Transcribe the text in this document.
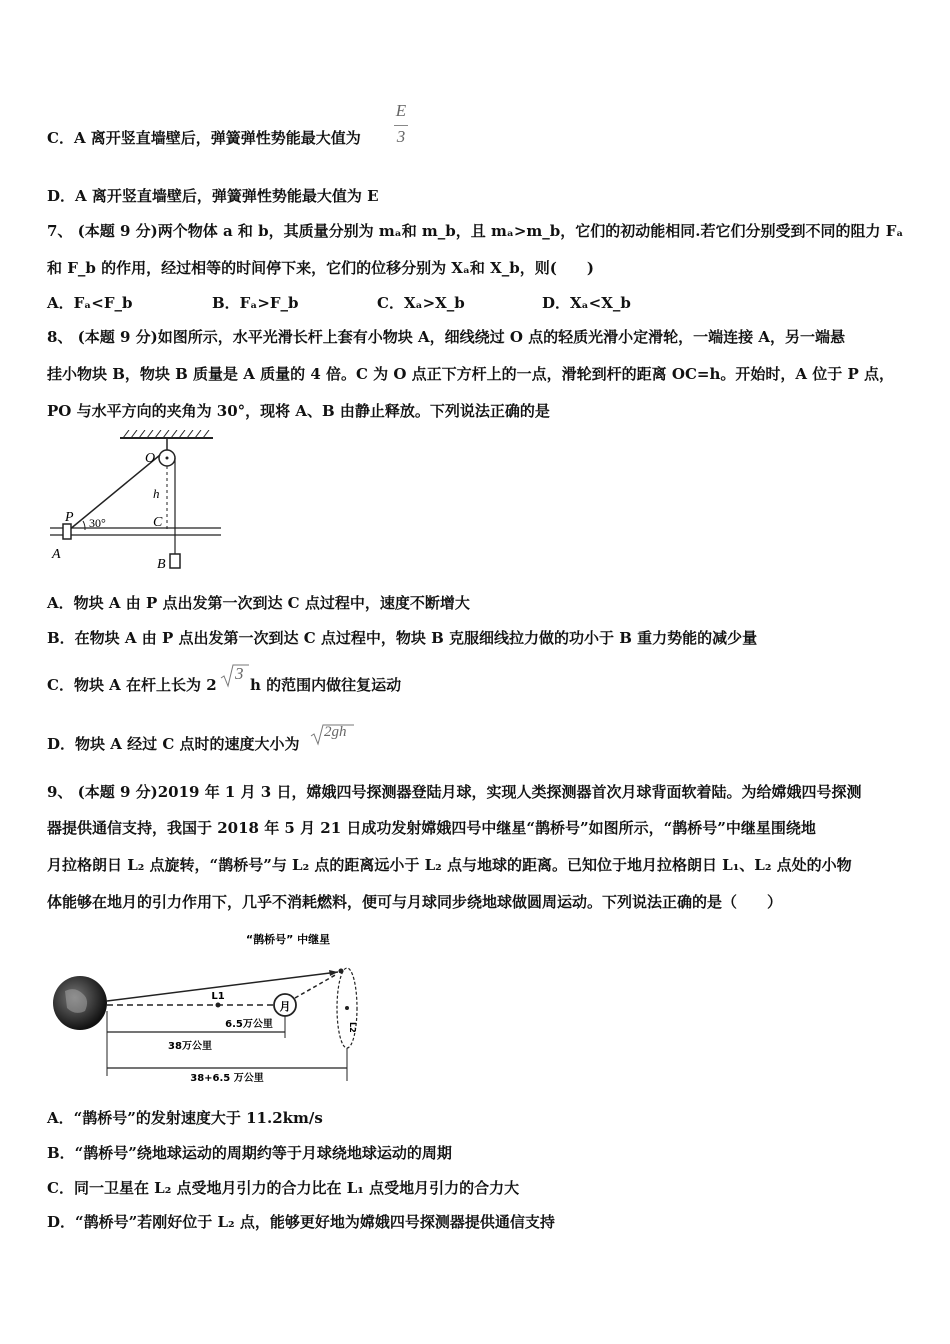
C．A 离开竖直墙壁后，弹簧弹性势能最大值为
E
3
D．A 离开竖直墙壁后，弹簧弹性势能最大值为 E
7、 (本题 9 分)两个物体 a 和 b，其质量分别为 mₐ和 m_b，且 mₐ>m_b，它们的初动能相同.若它们分别受到不同的阻力 Fₐ
和 F_b 的作用，经过相等的时间停下来，它们的位移分别为 Xₐ和 X_b，则(　　)
A．Fₐ<F_b	B．Fₐ>F_b	C．Xₐ>X_b	D．Xₐ<X_b
8、 (本题 9 分)如图所示，水平光滑长杆上套有小物块 A，细线绕过 O 点的轻质光滑小定滑轮，一端连接 A，另一端悬
挂小物块 B，物块 B 质量是 A 质量的 4 倍。C 为 O 点正下方杆上的一点，滑轮到杆的距离 OC=h。开始时，A 位于 P 点，
PO 与水平方向的夹角为 30°，现将 A、B 由静止释放。下列说法正确的是
O
h
P 30°	C
A
B
A．物块 A 由 P 点出发第一次到达 C 点过程中，速度不断增大
B．在物块 A 由 P 点出发第一次到达 C 点过程中，物块 B 克服细线拉力做的功小于 B 重力势能的减少量
C．物块 A 在杆上长为 2
3
h 的范围内做往复运动
D．物块 A 经过 C 点时的速度大小为
2gh
9、 (本题 9 分)2019 年 1 月 3 日，嫦娥四号探测器登陆月球，实现人类探测器首次月球背面软着陆。为给嫦娥四号探测
器提供通信支持，我国于 2018 年 5 月 21 日成功发射嫦娥四号中继星“鹊桥号”如图所示，“鹊桥号”中继星围绕地
月拉格朗日 L₂ 点旋转，“鹊桥号”与 L₂ 点的距离远小于 L₂ 点与地球的距离。已知位于地月拉格朗日 L₁、L₂ 点处的小物
体能够在地月的引力作用下，几乎不消耗燃料，便可与月球同步绕地球做圆周运动。下列说法正确的是（　　）
“鹊桥号” 中继星
月
L1
L2
6.5万公里
38万公里
38+6.5 万公里
A．“鹊桥号”的发射速度大于 11.2km/s
B．“鹊桥号”绕地球运动的周期约等于月球绕地球运动的周期
C．同一卫星在 L₂ 点受地月引力的合力比在 L₁ 点受地月引力的合力大
D．“鹊桥号”若刚好位于 L₂ 点，能够更好地为嫦娥四号探测器提供通信支持
